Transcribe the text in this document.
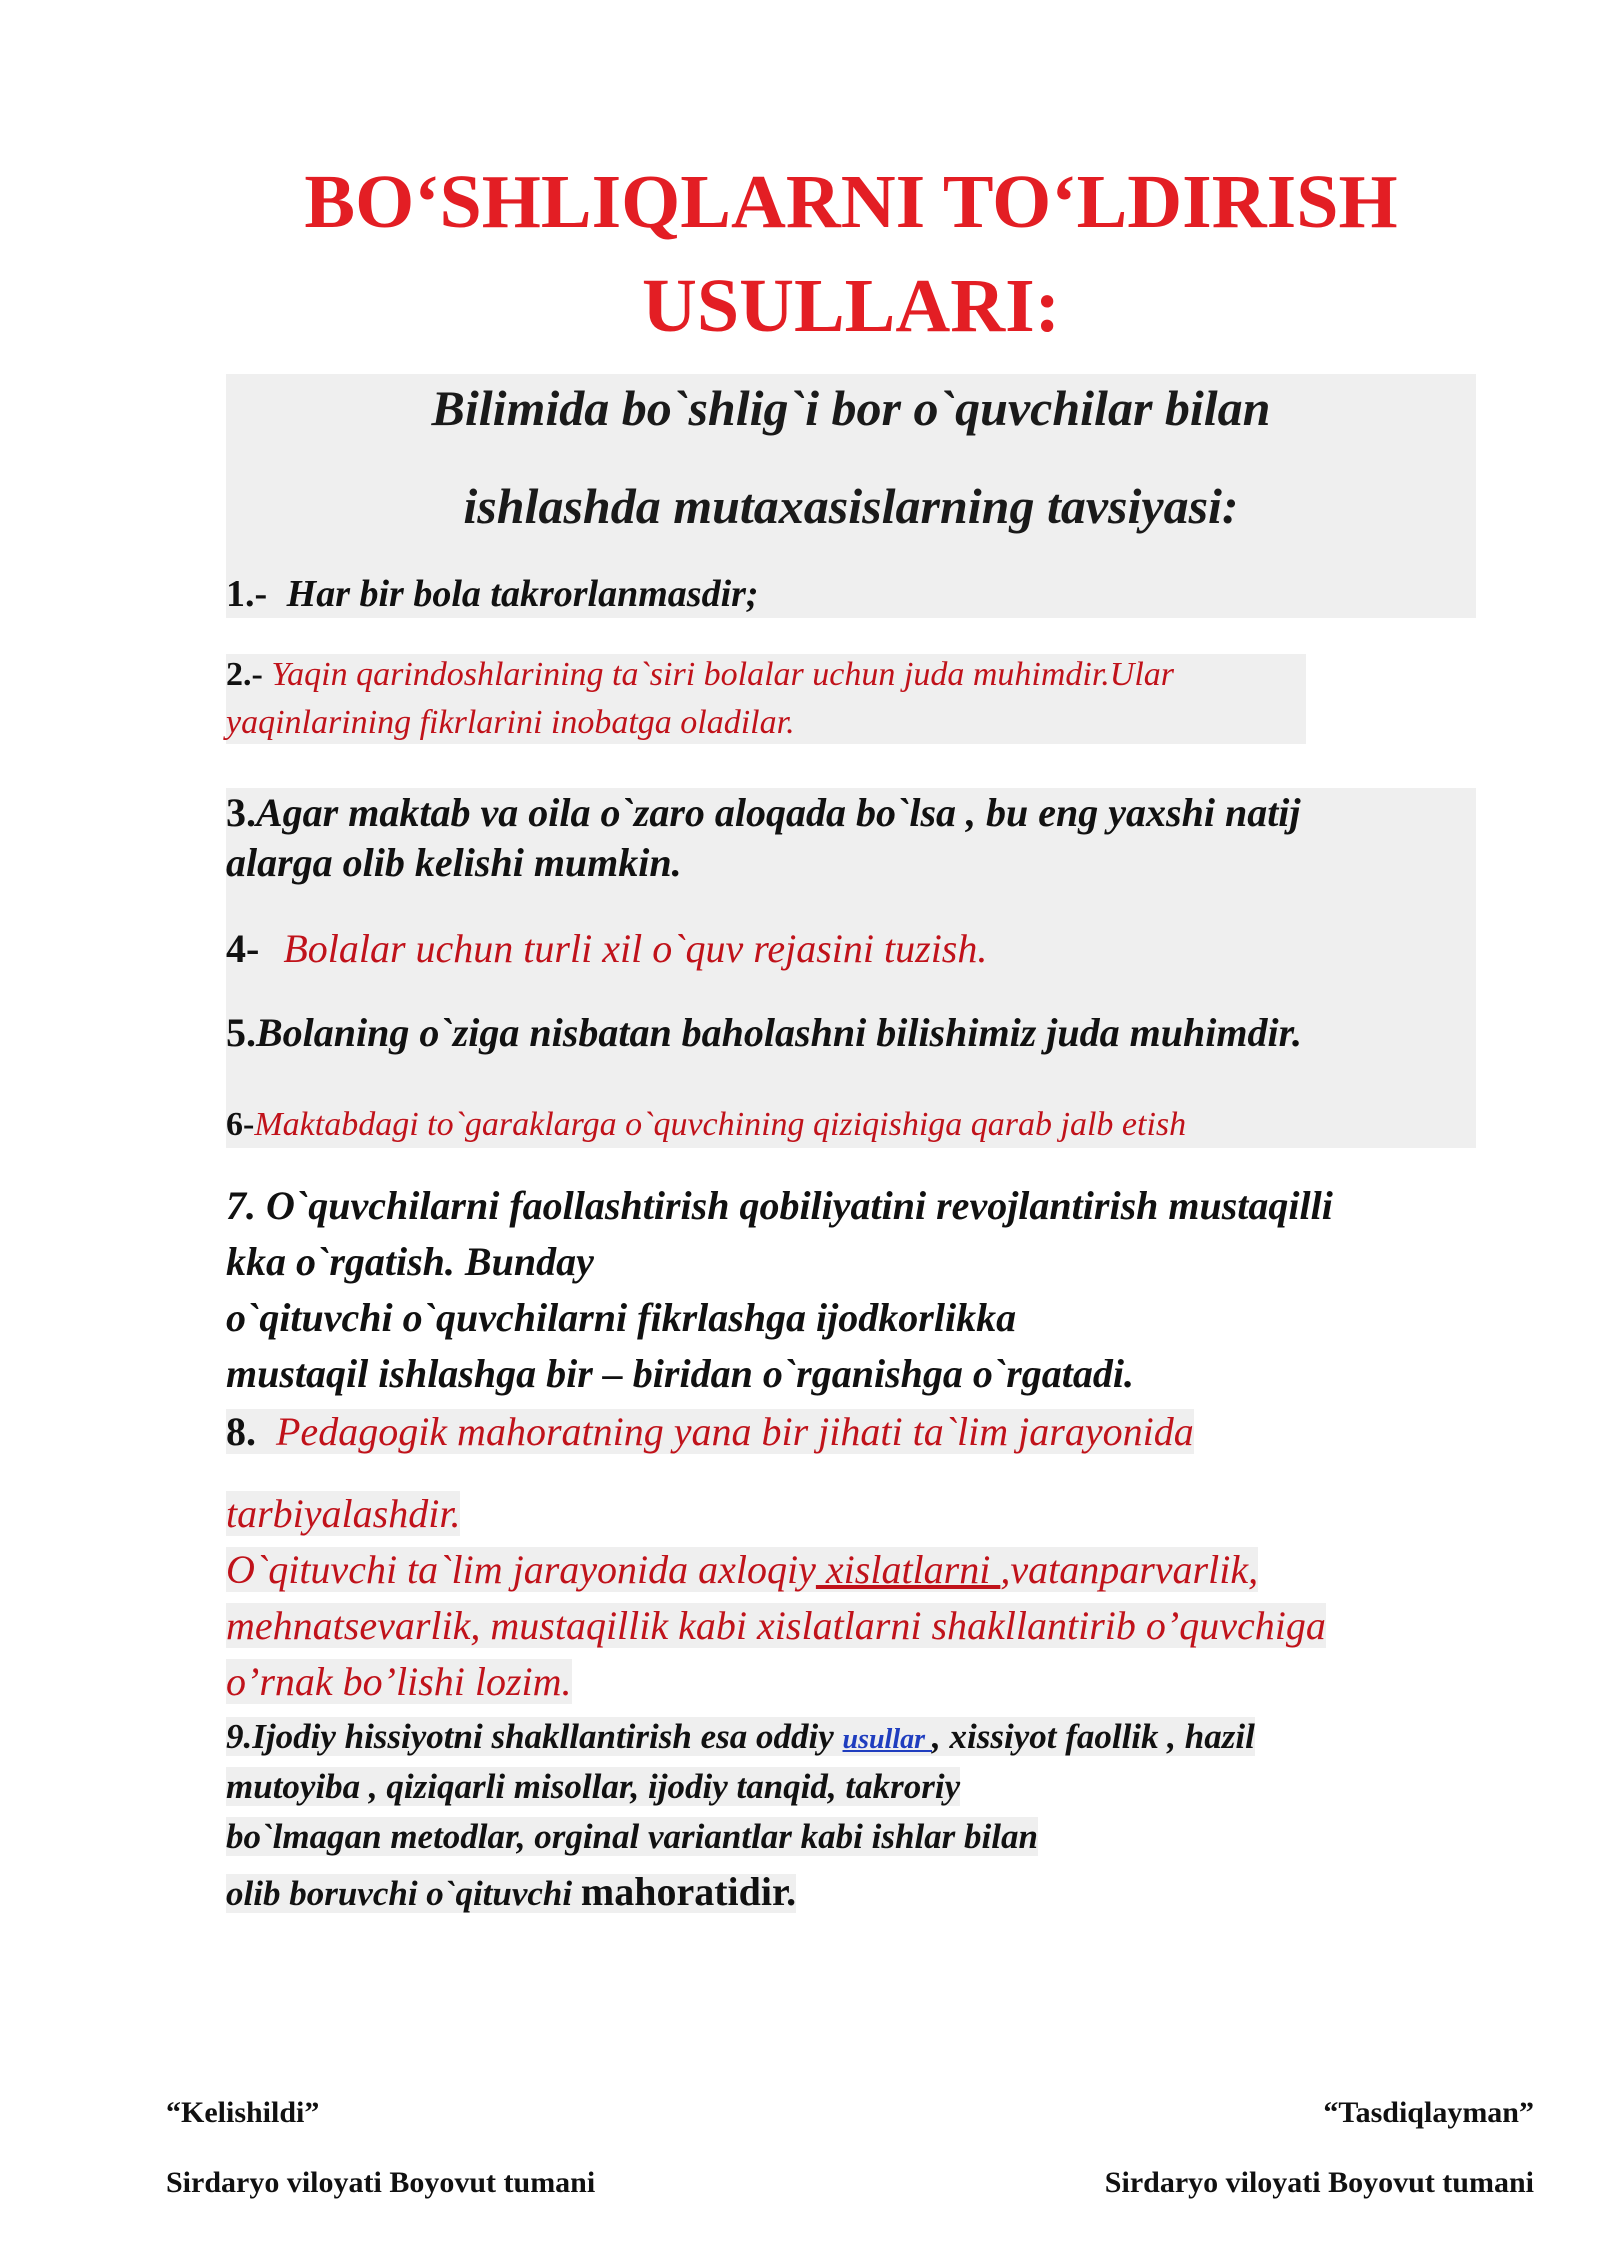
BO‘SHLIQLARNI TO‘LDIRISH
USULLARI:
Bilimida bo`shlig`i bor o`quvchilar bilan
ishlashda mutaxasislarning tavsiyasi:

1.- Har bir bola takrorlanmasdir;

2.- Yaqin qarindoshlarining ta`siri bolalar uchun juda muhimdir.Ular

yaqinlarining fikrlarini inobatga oladilar.

3.Agar maktab va oila o`zaro aloqada bo`lsa , bu eng yaxshi natij

alarga olib kelishi mumkin.

4- Bolalar uchun turli xil o`quv rejasini tuzish.

5.Bolaning o`ziga nisbatan baholashni bilishimiz juda muhimdir.

6-Maktabdagi to`garaklarga o`quvchining qiziqishiga qarab jalb etish

7. O`quvchilarni faollashtirish qobiliyatini revojlantirish mustaqilli

kka o`rgatish. Bunday

o`qituvchi o`quvchilarni fikrlashga ijodkorlikka

mustaqil ishlashga bir – biridan o`rganishga o`rgatadi.

8. Pedagogik mahoratning yana bir jihati ta`lim jarayonida

tarbiyalashdir.

O`qituvchi ta`lim jarayonida axloqiy xislatlarni ,vatanparvarlik,

mehnatsevarlik, mustaqillik kabi xislatlarni shakllantirib o’quvchiga

o’rnak bo’lishi lozim.

9.Ijodiy hissiyotni shakllantirish esa oddiy usullar , xissiyot faollik , hazil

mutoyiba , qiziqarli misollar, ijodiy tanqid, takroriy

bo`lmagan metodlar, orginal variantlar kabi ishlar bilan

olib boruvchi o`qituvchi mahoratidir.

“Kelishildi”

Sirdaryo viloyati Boyovut tumani

“Tasdiqlayman”

Sirdaryo viloyati Boyovut tumani
